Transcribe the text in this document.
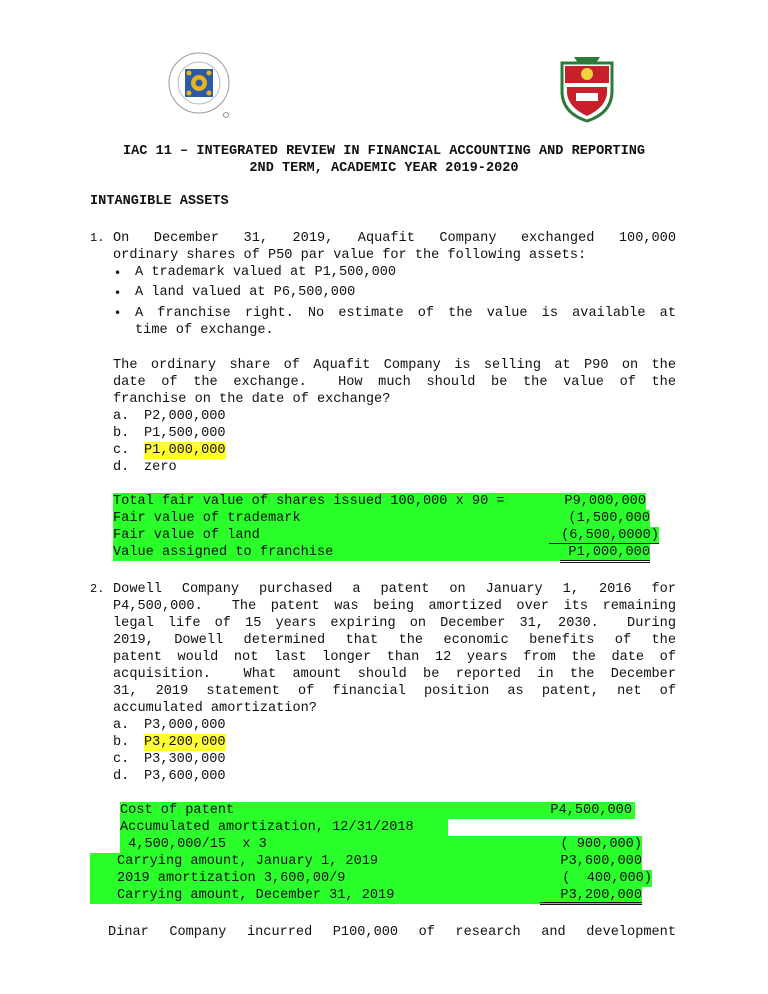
IAC 11 – INTEGRATED REVIEW IN FINANCIAL ACCOUNTING AND REPORTING
2ND TERM, ACADEMIC YEAR 2019-2020
INTANGIBLE ASSETS
1. On December 31, 2019, Aquafit Company exchanged 100,000
ordinary shares of P50 par value for the following assets:
• A trademark valued at P1,500,000
• A land valued at P6,500,000
• A franchise right. No estimate of the value is available at
time of exchange.
The ordinary share of Aquafit Company is selling at P90 on the
date of the exchange.  How much should be the value of the
franchise on the date of exchange?
a. P2,000,000
b. P1,500,000
c. P1,000,000
d. zero
Total fair value of shares issued 100,000 x 90 =	P9,000,000
Fair value of trademark	(1,500,000
Fair value of land	(6,500,0000)
Value assigned to franchise	P1,000,000
2. Dowell Company purchased a patent on January 1, 2016 for
P4,500,000.  The patent was being amortized over its remaining
legal life of 15 years expiring on December 31, 2030.  During
2019, Dowell determined that the economic benefits of the
patent would not last longer than 12 years from the date of
acquisition.  What amount should be reported in the December
31, 2019 statement of financial position as patent, net of
accumulated amortization?
a. P3,000,000
b. P3,200,000
c. P3,300,000
d. P3,600,000
Cost of patent	P4,500,000
Accumulated amortization, 12/31/2018
4,500,000/15  x 3	( 900,000)
Carrying amount, January 1, 2019	P3,600,000
2019 amortization 3,600,00/9	(  400,000)
Carrying amount, December 31, 2019	P3,200,000
Dinar Company incurred P100,000 of research and development
